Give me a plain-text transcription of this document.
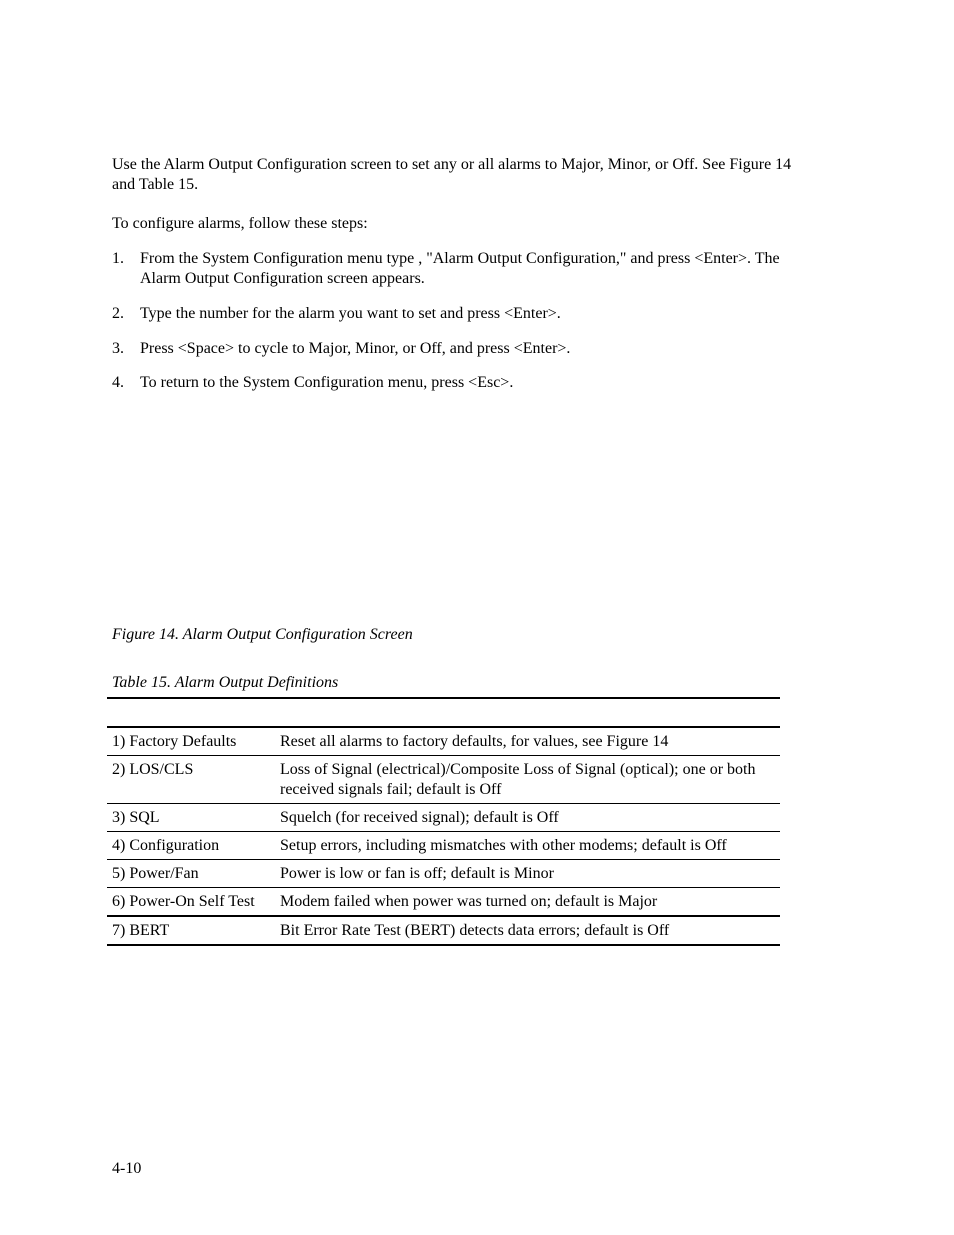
Use the Alarm Output Configuration screen to set any or all alarms to Major, Minor, or Off. See Figure 14 and Table 15.

To configure alarms, follow these steps:

1. From the System Configuration menu type , "Alarm Output Configuration," and press <Enter>. The Alarm Output Configuration screen appears.
2. Type the number for the alarm you want to set and press <Enter>.
3. Press <Space> to cycle to Major, Minor, or Off, and press <Enter>.
4. To return to the System Configuration menu, press <Esc>.

Figure 14. Alarm Output Configuration Screen

Table 15. Alarm Output Definitions

1) Factory Defaults	Reset all alarms to factory defaults, for values, see Figure 14
2) LOS/CLS	Loss of Signal (electrical)/Composite Loss of Signal (optical); one or both received signals fail; default is Off
3) SQL	Squelch (for received signal); default is Off
4) Configuration	Setup errors, including mismatches with other modems; default is Off
5) Power/Fan	Power is low or fan is off; default is Minor
6) Power-On Self Test	Modem failed when power was turned on; default is Major
7) BERT	Bit Error Rate Test (BERT) detects data errors; default is Off

4-10
